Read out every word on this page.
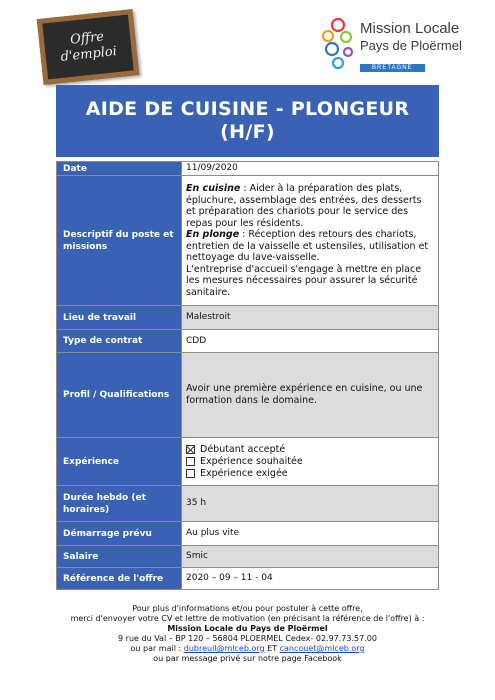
Offre
d'emploi
Mission Locale
Pays de Ploërmel
BRETAGNE
AIDE DE CUISINE - PLONGEUR
(H/F)
Date	11/09/2020
Descriptif du poste et missions	En cuisine : Aider à la préparation des plats, épluchure, assemblage des entrées, des desserts et préparation des chariots pour le service des repas pour les résidents.

En plonge : Réception des retours des chariots, entretien de la vaisselle et ustensiles, utilisation et nettoyage du lave-vaisselle.

L'entreprise d'accueil s'engage à mettre en place les mesures nécessaires pour assurer la sécurité sanitaire.

Lieu de travail	Malestroit
Type de contrat	CDD
Profil / Qualifications	Avoir une première expérience en cuisine, ou une formation dans le domaine.
Expérience	Débutant accepté
Expérience souhaitée
Expérience exigée

Durée hebdo (et horaires)	35 h
Démarrage prévu	Au plus vite
Salaire	Smic
Référence de l'offre	2020 – 09 – 11 - 04
Pour plus d'informations et/ou pour postuler à cette offre,
merci d'envoyer votre CV et lettre de motivation (en précisant la référence de l'offre) à :
Mission Locale du Pays de Ploërmel
9 rue du Val – BP 120 – 56804 PLOERMEL Cedex- 02.97.73.57.00
ou par mail : dubreuil@mlceb.org ET cancouet@mlceb.org
ou par message privé sur notre page Facebook
